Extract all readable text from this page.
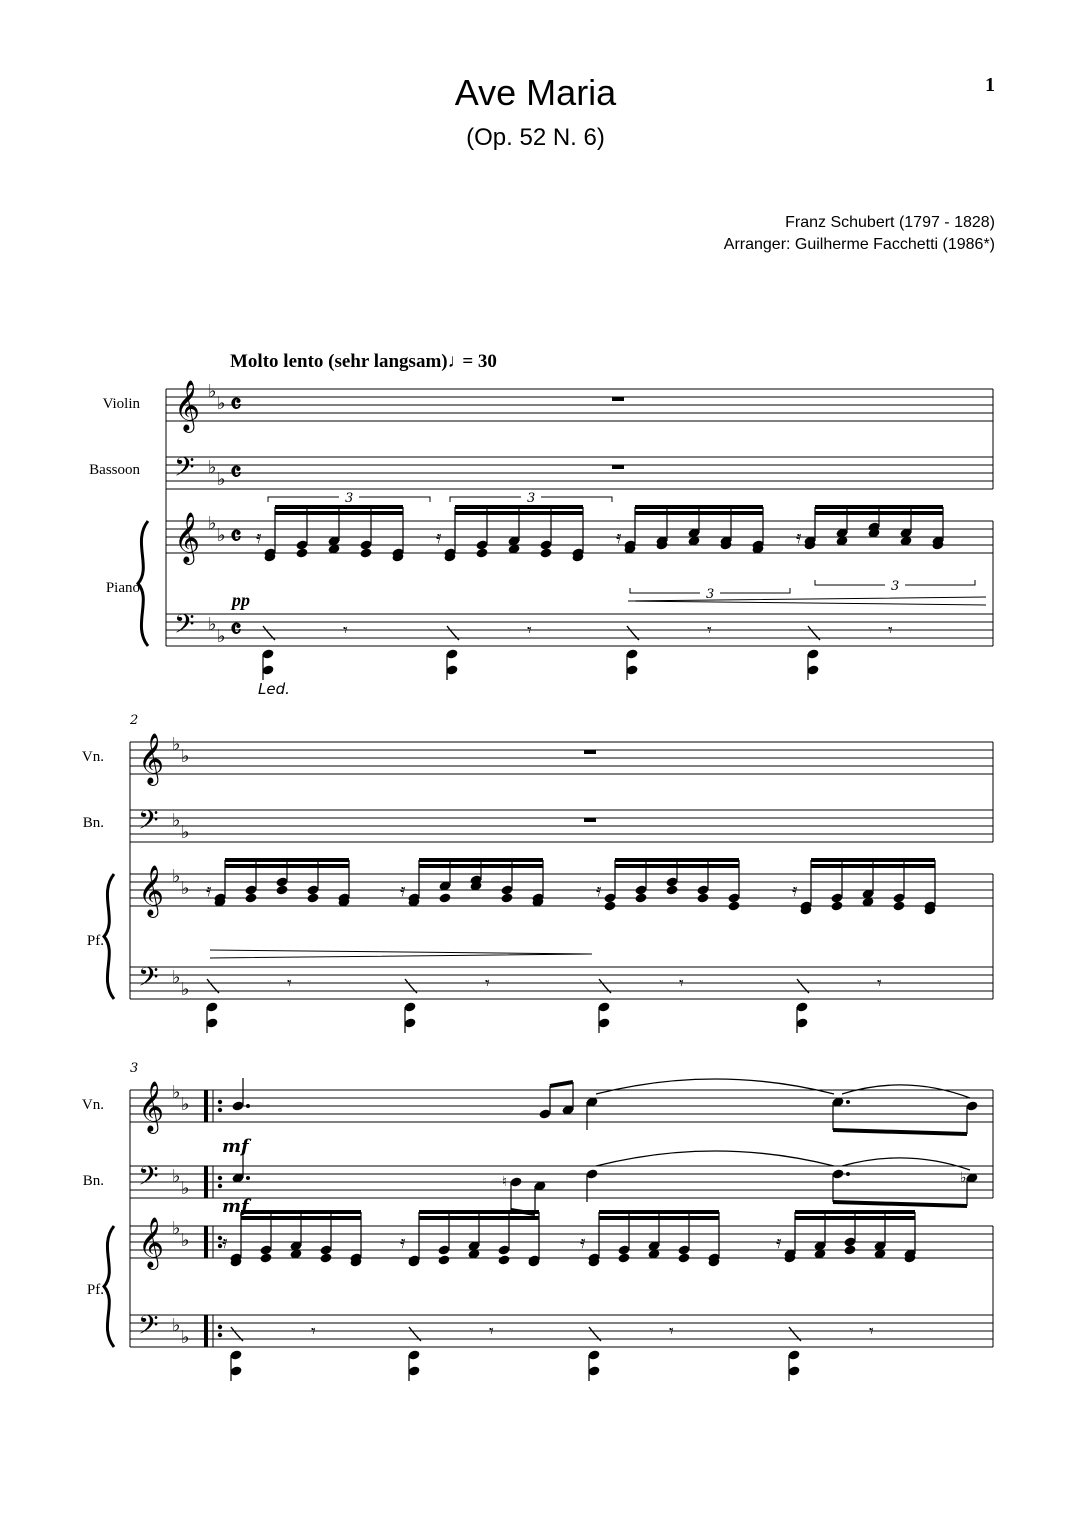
Ave Maria
(Op. 52 N. 6)
1
Franz Schubert (1797 - 1828)
Arranger: Guilherme Facchetti (1986*)
Molto lento (sehr langsam)♩ = 30
Violin
Bassoon
Piano
Vn.
Bn.
Pf.
Vn.
Bn.
Pf.
𝄞 ♭
♭ 𝄴
𝄢 ♭
♭ 𝄴
𝄞 ♭
♭ 𝄴
𝄢 ♭
♭ 𝄴
𝄿	𝄿	𝄿	𝄿
3	3
3
3
𝄾	𝄾	𝄾	𝄾
pp
Led.
2
𝄞 ♭
♭
𝄢 ♭
♭
𝄞 ♭
♭
𝄢 ♭
♭
𝄿	𝄿	𝄿	𝄿
𝄾	𝄾	𝄾	𝄾
3
𝄞 ♭
♭
𝄢 ♭
♭
𝄞 ♭
♭
𝄢 ♭
♭
♮	♭
mf
mf
𝄿	𝄿	𝄿	𝄿
𝄾	𝄾	𝄾	𝄾
